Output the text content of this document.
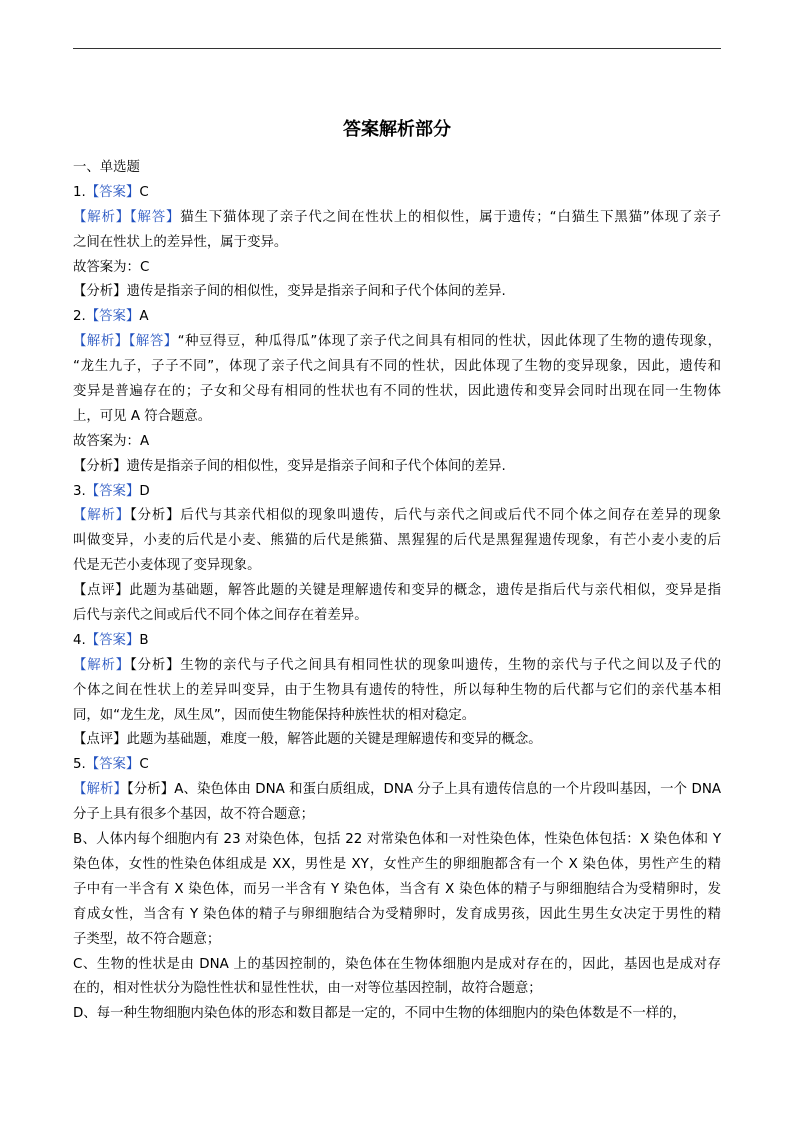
答案解析部分
一、单选题
1.【答案】C
【解析】【解答】猫生下猫体现了亲子代之间在性状上的相似性，属于遗传；“白猫生下黑猫”体现了亲子
之间在性状上的差异性，属于变异。
故答案为：C
【分析】遗传是指亲子间的相似性，变异是指亲子间和子代个体间的差异.
2.【答案】A
【解析】【解答】“种豆得豆，种瓜得瓜”体现了亲子代之间具有相同的性状，因此体现了生物的遗传现象，
“龙生九子，子子不同”，体现了亲子代之间具有不同的性状，因此体现了生物的变异现象，因此，遗传和
变异是普遍存在的；子女和父母有相同的性状也有不同的性状，因此遗传和变异会同时出现在同一生物体
上，可见 A 符合题意。
故答案为：A
【分析】遗传是指亲子间的相似性，变异是指亲子间和子代个体间的差异.
3.【答案】D
【解析】【分析】后代与其亲代相似的现象叫遗传，后代与亲代之间或后代不同个体之间存在差异的现象
叫做变异，小麦的后代是小麦、熊猫的后代是熊猫、黑猩猩的后代是黑猩猩遗传现象，有芒小麦小麦的后
代是无芒小麦体现了变异现象。
【点评】此题为基础题，解答此题的关键是理解遗传和变异的概念，遗传是指后代与亲代相似，变异是指
后代与亲代之间或后代不同个体之间存在着差异。
4.【答案】B
【解析】【分析】生物的亲代与子代之间具有相同性状的现象叫遗传，生物的亲代与子代之间以及子代的
个体之间在性状上的差异叫变异，由于生物具有遗传的特性，所以每种生物的后代都与它们的亲代基本相
同，如“龙生龙，凤生凤”，因而使生物能保持种族性状的相对稳定。
【点评】此题为基础题，难度一般，解答此题的关键是理解遗传和变异的概念。
5.【答案】C
【解析】【分析】A、染色体由 DNA 和蛋白质组成，DNA 分子上具有遗传信息的一个片段叫基因，一个 DNA
分子上具有很多个基因，故不符合题意；
B、人体内每个细胞内有 23 对染色体，包括 22 对常染色体和一对性染色体，性染色体包括：X 染色体和 Y
染色体，女性的性染色体组成是 XX，男性是 XY，女性产生的卵细胞都含有一个 X 染色体，男性产生的精
子中有一半含有 X 染色体，而另一半含有 Y 染色体，当含有 X 染色体的精子与卵细胞结合为受精卵时，发
育成女性，当含有 Y 染色体的精子与卵细胞结合为受精卵时，发育成男孩，因此生男生女决定于男性的精
子类型，故不符合题意；
C、生物的性状是由 DNA 上的基因控制的，染色体在生物体细胞内是成对存在的，因此，基因也是成对存
在的，相对性状分为隐性性状和显性性状，由一对等位基因控制，故符合题意；
D、每一种生物细胞内染色体的形态和数目都是一定的，不同中生物的体细胞内的染色体数是不一样的，
